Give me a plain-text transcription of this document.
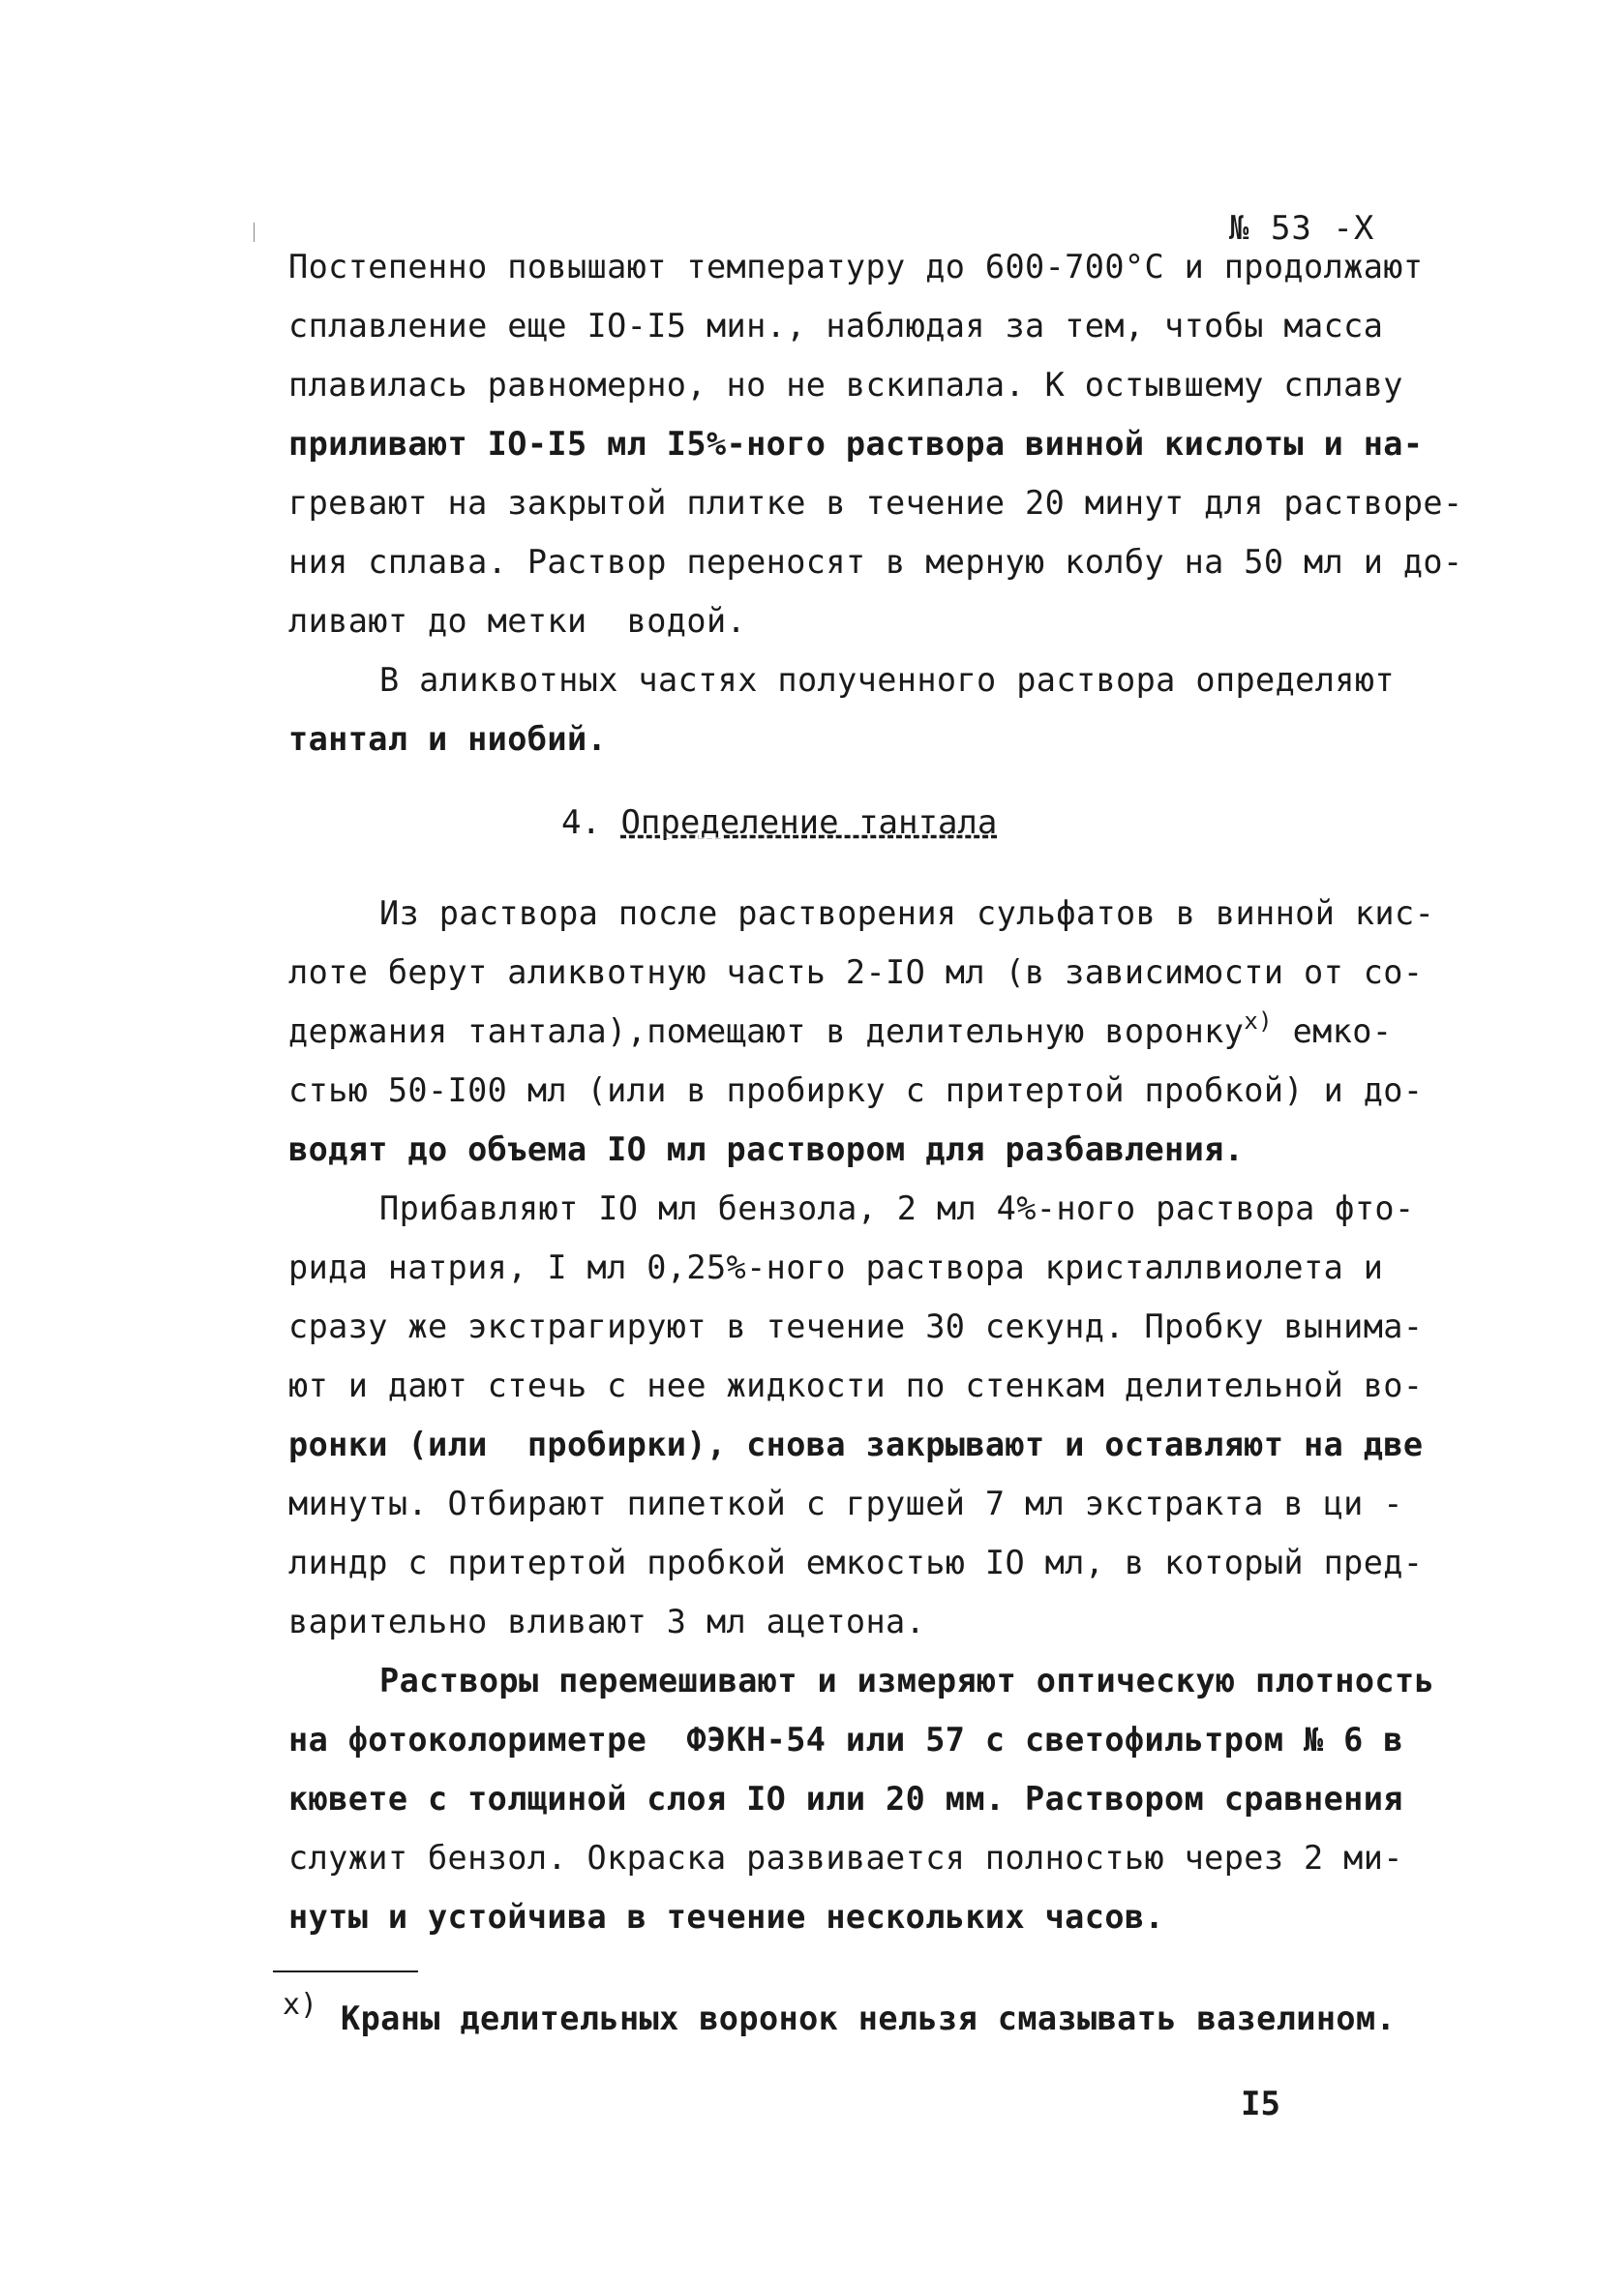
№ 53 -X
Постепенно повышают температуру до 600-700°С и продолжают
сплавление еще IO-I5 мин., наблюдая за тем, чтобы масса
плавилась равномерно, но не вскипала. К остывшему сплаву
приливают IO-I5 мл I5%-ного раствора винной кислоты и на-
гревают на закрытой плитке в течение 20 минут для растворе-
ния сплава. Раствор переносят в мерную колбу на 50 мл и до-
ливают до метки  водой.
В аликвотных частях полученного раствора определяют
тантал и ниобий.
4. Определение тантала
Из раствора после растворения сульфатов в винной кис-
лоте берут аликвотную часть 2-IO мл (в зависимости от со-
держания тантала),помещают в делительную воронку$^{x)}$ емко-
стью 50-I00 мл (или в пробирку с притертой пробкой) и до-
водят до объема IO мл раствором для разбавления.
Прибавляют IO мл бензола, 2 мл 4%-ного раствора фто-
рида натрия, I мл 0,25%-ного раствора кристаллвиолета и
сразу же экстрагируют в течение 30 секунд. Пробку вынима-
ют и дают стечь с нее жидкости по стенкам делительной во-
ронки (или  пробирки), снова закрывают и оставляют на две
минуты. Отбирают пипеткой с грушей 7 мл экстракта в ци -
линдр с притертой пробкой емкостью IO мл, в который пред-
варительно вливают 3 мл ацетона.
Растворы перемешивают и измеряют оптическую плотность
на фотоколориметре  ФЭКН-54 или 57 с светофильтром № 6 в
кювете с толщиной слоя IO или 20 мм. Раствором сравнения
служит бензол. Окраска развивается полностью через 2 ми-
нуты и устойчива в течение нескольких часов.
x) Краны делительных воронок нельзя смазывать вазелином.
I5
